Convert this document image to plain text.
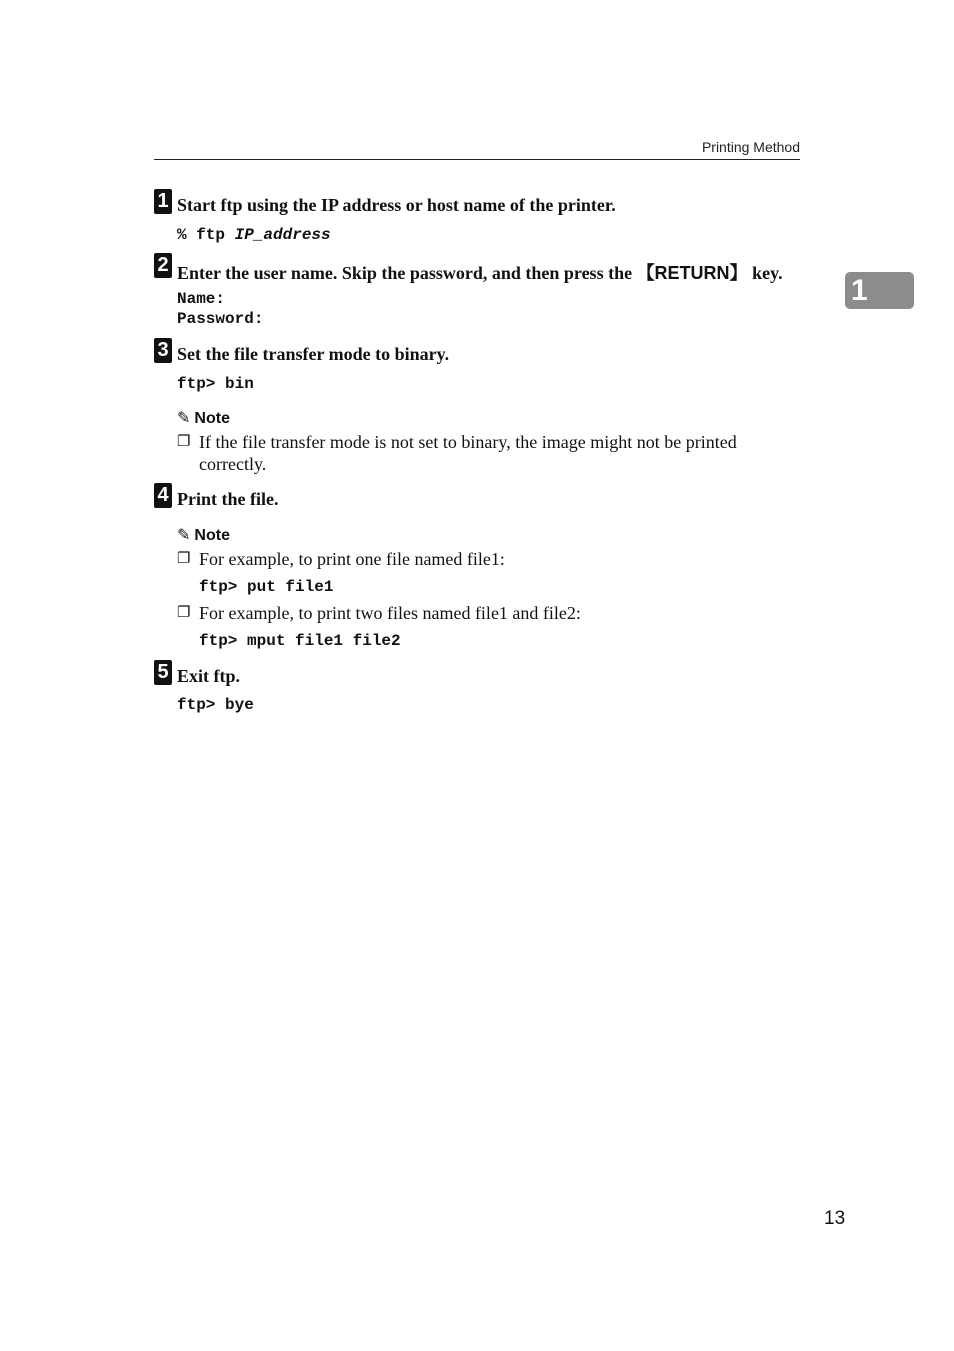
Printing Method
1
1 Start ftp using the IP address or host name of the printer.
% ftp IP_address
2 Enter the user name. Skip the password, and then press the 【RETURN】 key.
Name:
Password:
3 Set the file transfer mode to binary.
ftp> bin
✎ Note
❐ If the file transfer mode is not set to binary, the image might not be printed correctly.
4 Print the file.
✎ Note
❐ For example, to print one file named file1:
ftp> put file1
❐ For example, to print two files named file1 and file2:
ftp> mput file1 file2
5 Exit ftp.
ftp> bye
13
